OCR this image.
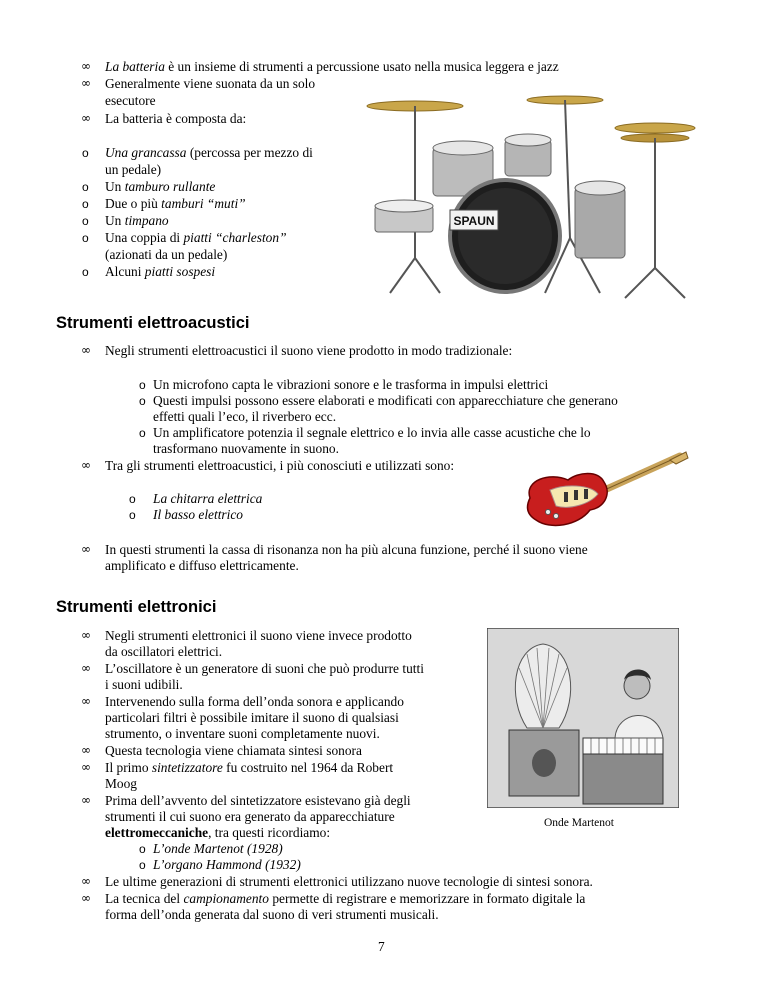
∞ La batteria è un insieme di strumenti a percussione usato nella musica leggera e jazz
∞ Generalmente viene suonata da un solo
esecutore
∞ La batteria è composta da:
o Una grancassa (percossa per mezzo di
un pedale)
o Un tamburo rullante
o Due o più tamburi “muti”
o Un timpano
o Una coppia di piatti “charleston”
(azionati da un pedale)
o Alcuni piatti sospesi
SPAUN
Strumenti elettroacustici
∞ Negli strumenti elettroacustici il suono viene prodotto in modo tradizionale:
o Un microfono capta le vibrazioni sonore e le trasforma in impulsi elettrici
o Questi impulsi possono essere elaborati e modificati con apparecchiature che generano
effetti quali l’eco, il riverbero ecc.
o Un amplificatore potenzia il segnale elettrico e lo invia alle casse acustiche che lo
trasformano nuovamente in suono.
∞ Tra gli strumenti elettroacustici, i più conosciuti e utilizzati sono:
o La chitarra elettrica
o Il basso elettrico
∞ In questi strumenti la cassa di risonanza non ha più alcuna funzione, perché il suono viene
amplificato e diffuso elettricamente.
Strumenti elettronici
∞ Negli strumenti elettronici il suono viene invece prodotto
da oscillatori elettrici.
∞ L’oscillatore è un generatore di suoni che può produrre tutti
i suoni udibili.
∞ Intervenendo sulla forma dell’onda sonora e applicando
particolari filtri è possibile imitare il suono di qualsiasi
strumento, o inventare suoni completamente nuovi.
∞ Questa tecnologia viene chiamata sintesi sonora
∞ Il primo sintetizzatore fu costruito nel 1964 da Robert
Moog
∞ Prima dell’avvento del sintetizzatore esistevano già degli
strumenti il cui suono era generato da apparecchiature
elettromeccaniche, tra questi ricordiamo:
o L’onde Martenot (1928)
o L’organo Hammond (1932)
∞ Le ultime generazioni di strumenti elettronici utilizzano nuove tecnologie di sintesi sonora.
∞ La tecnica del campionamento permette di registrare e memorizzare in formato digitale la
forma dell’onda generata dal suono di veri strumenti musicali.
Onde Martenot
7
